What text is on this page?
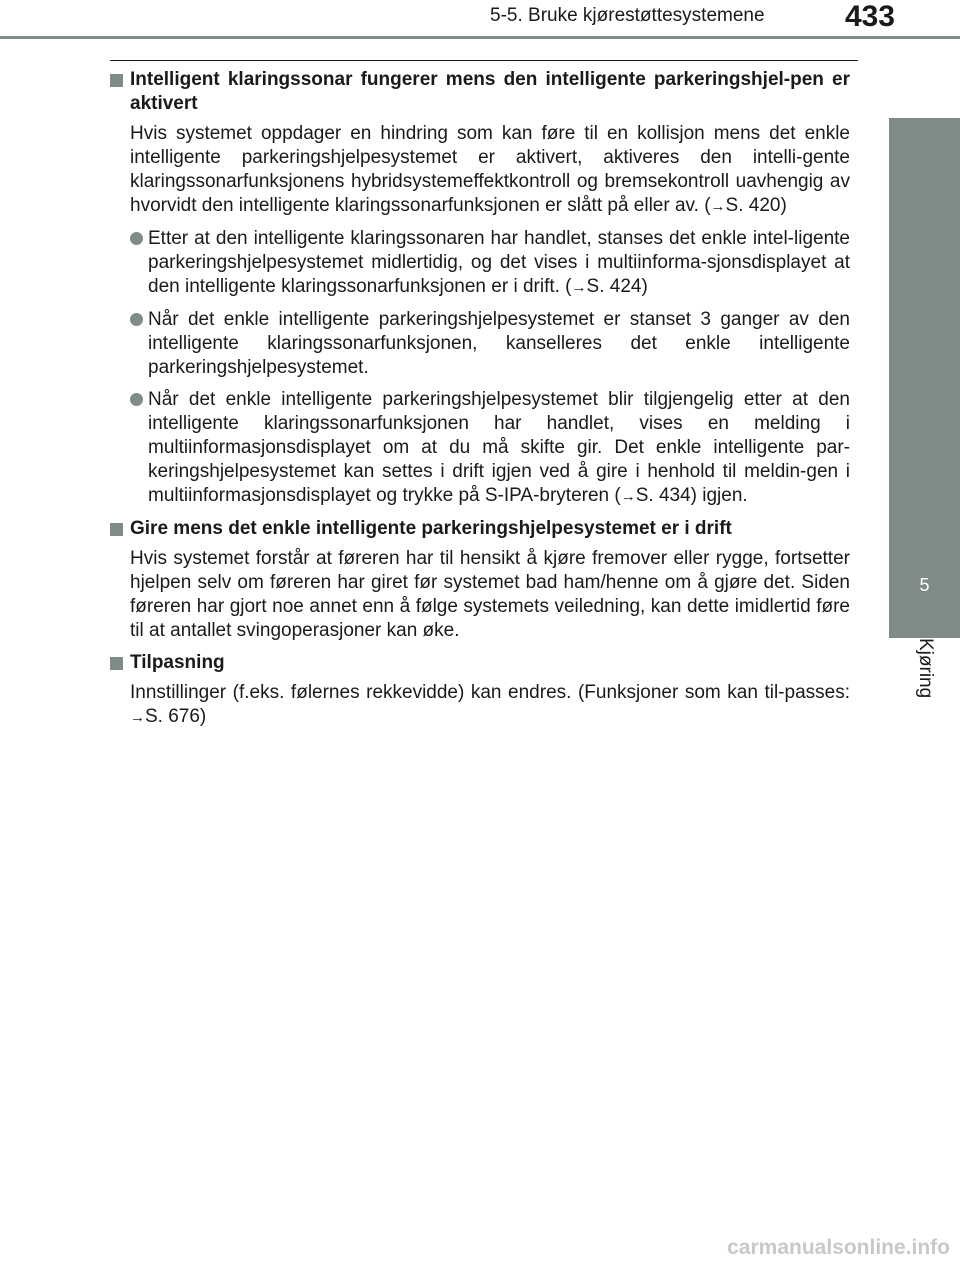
5-5. Bruke kjørestøttesystemene	433
5
Kjøring
Intelligent klaringssonar fungerer mens den intelligente parkeringshjel-pen er aktivert

Hvis systemet oppdager en hindring som kan føre til en kollisjon mens det enkle intelligente parkeringshjelpesystemet er aktivert, aktiveres den intelli-gente klaringssonarfunksjonens hybridsystemeffektkontroll og bremsekontroll uavhengig av hvorvidt den intelligente klaringssonarfunksjonen er slått på eller av. (→S. 420)

Etter at den intelligente klaringssonaren har handlet, stanses det enkle intel-ligente parkeringshjelpesystemet midlertidig, og det vises i multiinforma-sjonsdisplayet at den intelligente klaringssonarfunksjonen er i drift. (→S. 424)
Når det enkle intelligente parkeringshjelpesystemet er stanset 3 ganger av den intelligente klaringssonarfunksjonen, kanselleres det enkle intelligente parkeringshjelpesystemet.
Når det enkle intelligente parkeringshjelpesystemet blir tilgjengelig etter at den intelligente klaringssonarfunksjonen har handlet, vises en melding i multiinformasjonsdisplayet om at du må skifte gir. Det enkle intelligente par-keringshjelpesystemet kan settes i drift igjen ved å gire i henhold til meldin-gen i multiinformasjonsdisplayet og trykke på S-IPA-bryteren (→S. 434) igjen.
Gire mens det enkle intelligente parkeringshjelpesystemet er i drift

Hvis systemet forstår at føreren har til hensikt å kjøre fremover eller rygge, fortsetter hjelpen selv om føreren har giret før systemet bad ham/henne om å gjøre det. Siden føreren har gjort noe annet enn å følge systemets veiledning, kan dette imidlertid føre til at antallet svingoperasjoner kan øke.

Tilpasning

Innstillinger (f.eks. følernes rekkevidde) kan endres. (Funksjoner som kan til-passes: →S. 676)

carmanualsonline.info
